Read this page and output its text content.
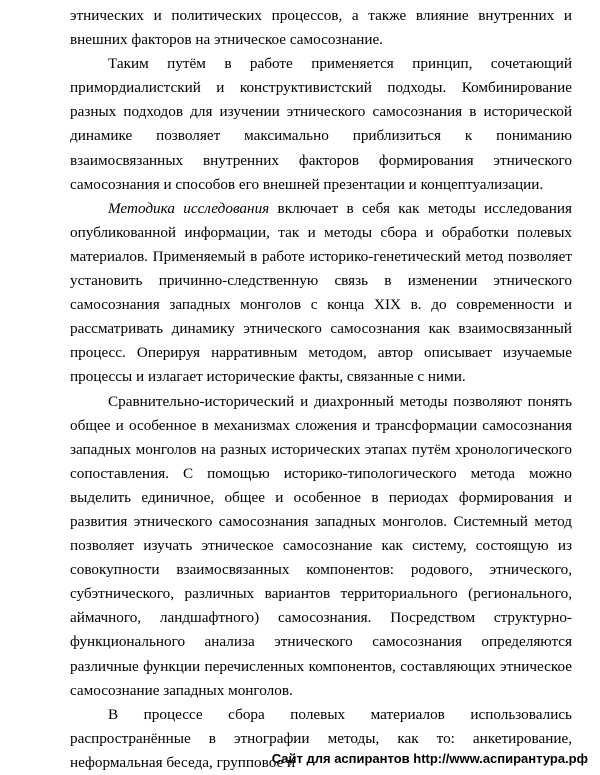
этнических и политических процессов, а также влияние внутренних и внешних факторов на этническое самосознание.

Таким путём в работе применяется принцип, сочетающий примордиалистский и конструктивистский подходы. Комбинирование разных подходов для изучении этнического самосознания в исторической динамике позволяет максимально приблизиться к пониманию взаимосвязанных внутренних факторов формирования этнического самосознания и способов его внешней презентации и концептуализации.

Методика исследования включает в себя как методы исследования опубликованной информации, так и методы сбора и обработки полевых материалов. Применяемый в работе историко-генетический метод позволяет установить причинно-следственную связь в изменении этнического самосознания западных монголов с конца XIX в. до современности и рассматривать динамику этнического самосознания как взаимосвязанный процесс. Оперируя нарративным методом, автор описывает изучаемые процессы и излагает исторические факты, связанные с ними.

Сравнительно-исторический и диахронный методы позволяют понять общее и особенное в механизмах сложения и трансформации самосознания западных монголов на разных исторических этапах путём хронологического сопоставления. С помощью историко-типологического метода можно выделить единичное, общее и особенное в периодах формирования и развития этнического самосознания западных монголов. Системный метод позволяет изучать этническое самосознание как систему, состоящую из совокупности взаимосвязанных компонентов: родового, этнического, субэтнического, различных вариантов территориального (регионального, аймачного, ландшафтного) самосознания. Посредством структурно-функционального анализа этнического самосознания определяются различные функции перечисленных компонентов, составляющих этническое самосознание западных монголов.

В процессе сбора полевых материалов использовались распространённые в этнографии методы, как то: анкетирование, неформальная беседа, групповое и

Сайт для аспирантов http://www.аспирантура.рф
